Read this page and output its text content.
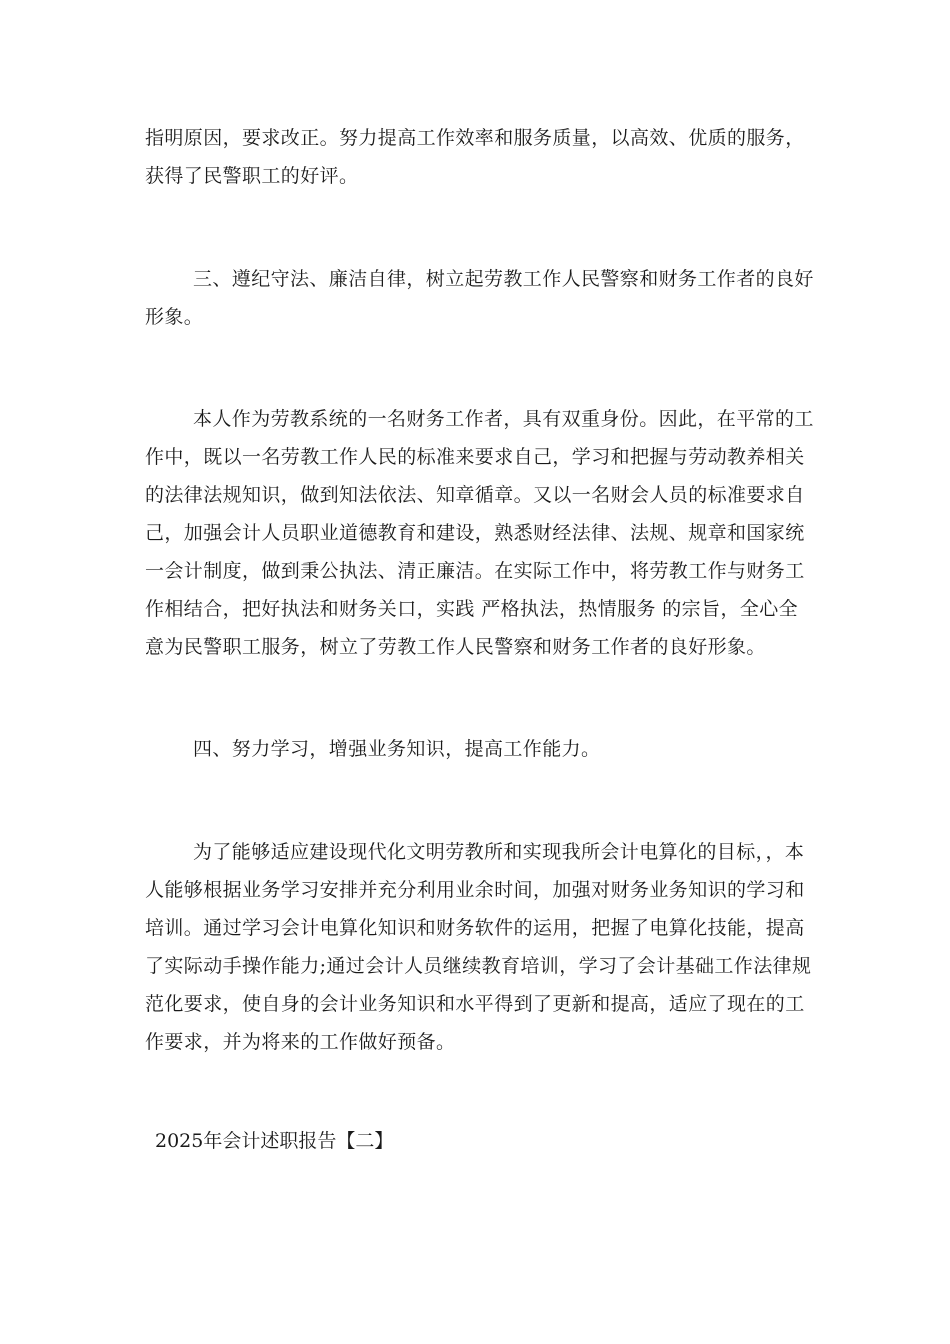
指明原因，要求改正。努力提高工作效率和服务质量，以高效、优质的服务，
获得了民警职工的好评。

三、遵纪守法、廉洁自律，树立起劳教工作人民警察和财务工作者的良好
形象。

本人作为劳教系统的一名财务工作者，具有双重身份。因此，在平常的工
作中，既以一名劳教工作人民的标准来要求自己，学习和把握与劳动教养相关
的法律法规知识，做到知法依法、知章循章。又以一名财会人员的标准要求自
己，加强会计人员职业道德教育和建设，熟悉财经法律、法规、规章和国家统
一会计制度，做到秉公执法、清正廉洁。在实际工作中，将劳教工作与财务工
作相结合，把好执法和财务关口，实践 严格执法，热情服务 的宗旨，全心全
意为民警职工服务，树立了劳教工作人民警察和财务工作者的良好形象。

四、努力学习，增强业务知识，提高工作能力。

为了能够适应建设现代化文明劳教所和实现我所会计电算化的目标，，本
人能够根据业务学习安排并充分利用业余时间，加强对财务业务知识的学习和
培训。通过学习会计电算化知识和财务软件的运用，把握了电算化技能，提高
了实际动手操作能力;通过会计人员继续教育培训，学习了会计基础工作法律规
范化要求，使自身的会计业务知识和水平得到了更新和提高，适应了现在的工
作要求，并为将来的工作做好预备。

2025年会计述职报告【二】
